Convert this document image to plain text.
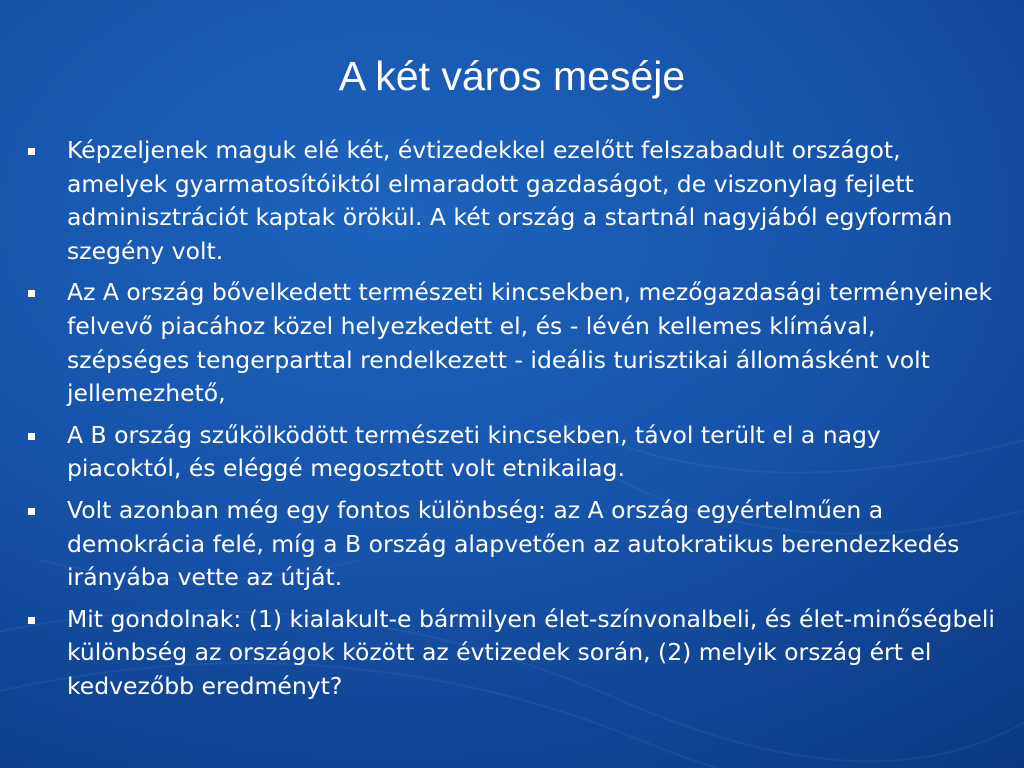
A két város meséje
Képzeljenek maguk elé két, évtizedekkel ezelőtt felszabadult országot, amelyek gyarmatosítóiktól elmaradott gazdaságot, de viszonylag fejlett adminisztrációt kaptak örökül. A két ország a startnál nagyjából egyformán szegény volt.
Az A ország bővelkedett természeti kincsekben, mezőgazdasági terményeinek felvevő piacához közel helyezkedett el, és - lévén kellemes klímával, szépséges tengerparttal rendelkezett - ideális turisztikai állomásként volt jellemezhető,
A B ország szűkölködött természeti kincsekben, távol terült el a nagy piacoktól, és eléggé megosztott volt etnikailag.
Volt azonban még egy fontos különbség: az A ország egyértelműen a demokrácia felé, míg a B ország alapvetően az autokratikus berendezkedés irányába vette az útját.
Mit gondolnak: (1) kialakult-e bármilyen élet-színvonalbeli, és élet-minőségbeli különbség az országok között az évtizedek során, (2) melyik ország ért el kedvezőbb eredményt?
